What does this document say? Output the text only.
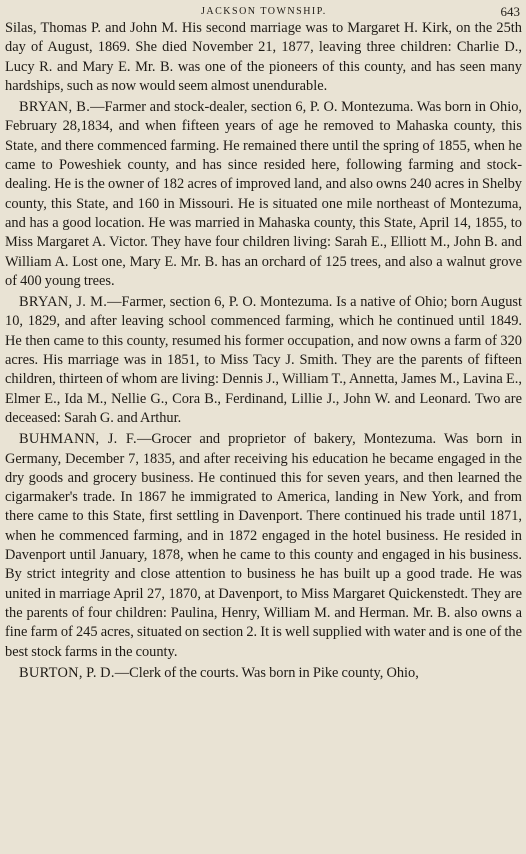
JACKSON TOWNSHIP.	643

Silas, Thomas P. and John M. His second marriage was to Margaret H. Kirk, on the 25th day of August, 1869. She died November 21, 1877, leaving three children: Charlie D., Lucy R. and Mary E. Mr. B. was one of the pioneers of this county, and has seen many hardships, such as now would seem almost unendurable.

BRYAN, B.—Farmer and stock-dealer, section 6, P. O. Montezuma. Was born in Ohio, February 28,1834, and when fifteen years of age he removed to Mahaska county, this State, and there commenced farming. He remained there until the spring of 1855, when he came to Poweshiek county, and has since resided here, following farming and stock-dealing. He is the owner of 182 acres of improved land, and also owns 240 acres in Shelby county, this State, and 160 in Missouri. He is situated one mile northeast of Montezuma, and has a good location. He was married in Mahaska county, this State, April 14, 1855, to Miss Margaret A. Victor. They have four children living: Sarah E., Elliott M., John B. and William A. Lost one, Mary E. Mr. B. has an orchard of 125 trees, and also a walnut grove of 400 young trees.

BRYAN, J. M.—Farmer, section 6, P. O. Montezuma. Is a native of Ohio; born August 10, 1829, and after leaving school commenced farming, which he continued until 1849. He then came to this county, resumed his former occupation, and now owns a farm of 320 acres. His marriage was in 1851, to Miss Tacy J. Smith. They are the parents of fifteen children, thirteen of whom are living: Dennis J., William T., Annetta, James M., Lavina E., Elmer E., Ida M., Nellie G., Cora B., Ferdinand, Lillie J., John W. and Leonard. Two are deceased: Sarah G. and Arthur.

BUHMANN, J. F.—Grocer and proprietor of bakery, Montezuma. Was born in Germany, December 7, 1835, and after receiving his education he became engaged in the dry goods and grocery business. He continued this for seven years, and then learned the cigarmaker's trade. In 1867 he immigrated to America, landing in New York, and from there came to this State, first settling in Davenport. There continued his trade until 1871, when he commenced farming, and in 1872 engaged in the hotel business. He resided in Davenport until January, 1878, when he came to this county and engaged in his business. By strict integrity and close attention to business he has built up a good trade. He was united in marriage April 27, 1870, at Davenport, to Miss Margaret Quickenstedt. They are the parents of four children: Paulina, Henry, William M. and Herman. Mr. B. also owns a fine farm of 245 acres, situated on section 2. It is well supplied with water and is one of the best stock farms in the county.

BURTON, P. D.—Clerk of the courts. Was born in Pike county, Ohio,
